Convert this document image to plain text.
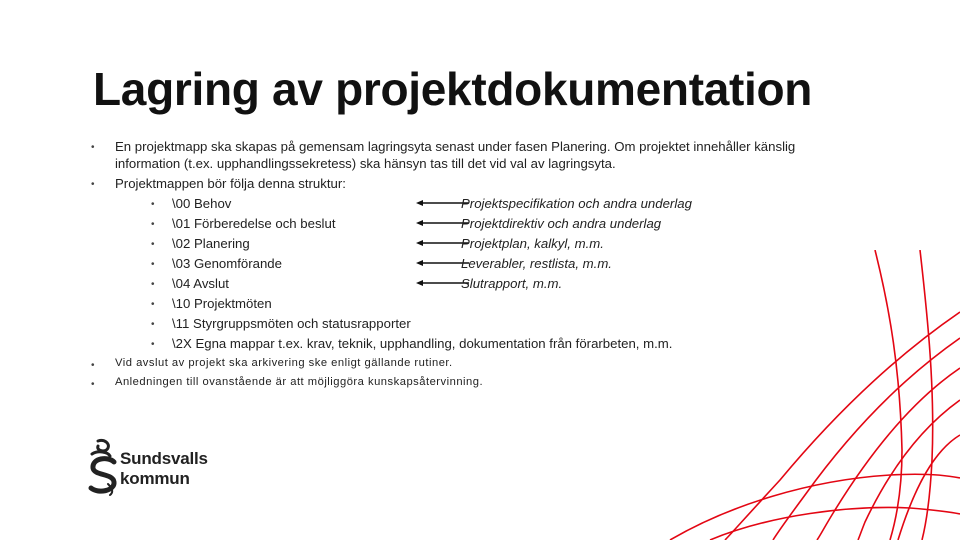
Lagring av projektdokumentation
• En projektmapp ska skapas på gemensam lagringsyta senast under fasen Planering. Om projektet innehåller känslig
information (t.ex. upphandlingssekretess) ska hänsyn tas till det vid val av lagringsyta.
• Projektmappen bör följa denna struktur:
• \00 Behov
• \01 Förberedelse och beslut
• \02 Planering
• \03 Genomförande
• \04 Avslut
• \10 Projektmöten
• \11 Styrgruppsmöten och statusrapporter
• \2X Egna mappar t.ex. krav, teknik, upphandling, dokumentation från förarbeten, m.m.
Projektspecifikation och andra underlag
Projektdirektiv och andra underlag
Projektplan, kalkyl, m.m.
Leverabler, restlista, m.m.
Slutrapport, m.m.
• Vid avslut av projekt ska arkivering ske enligt gällande rutiner.
• Anledningen till ovanstående är att möjliggöra kunskapsåtervinning.
Sundsvalls
kommun
